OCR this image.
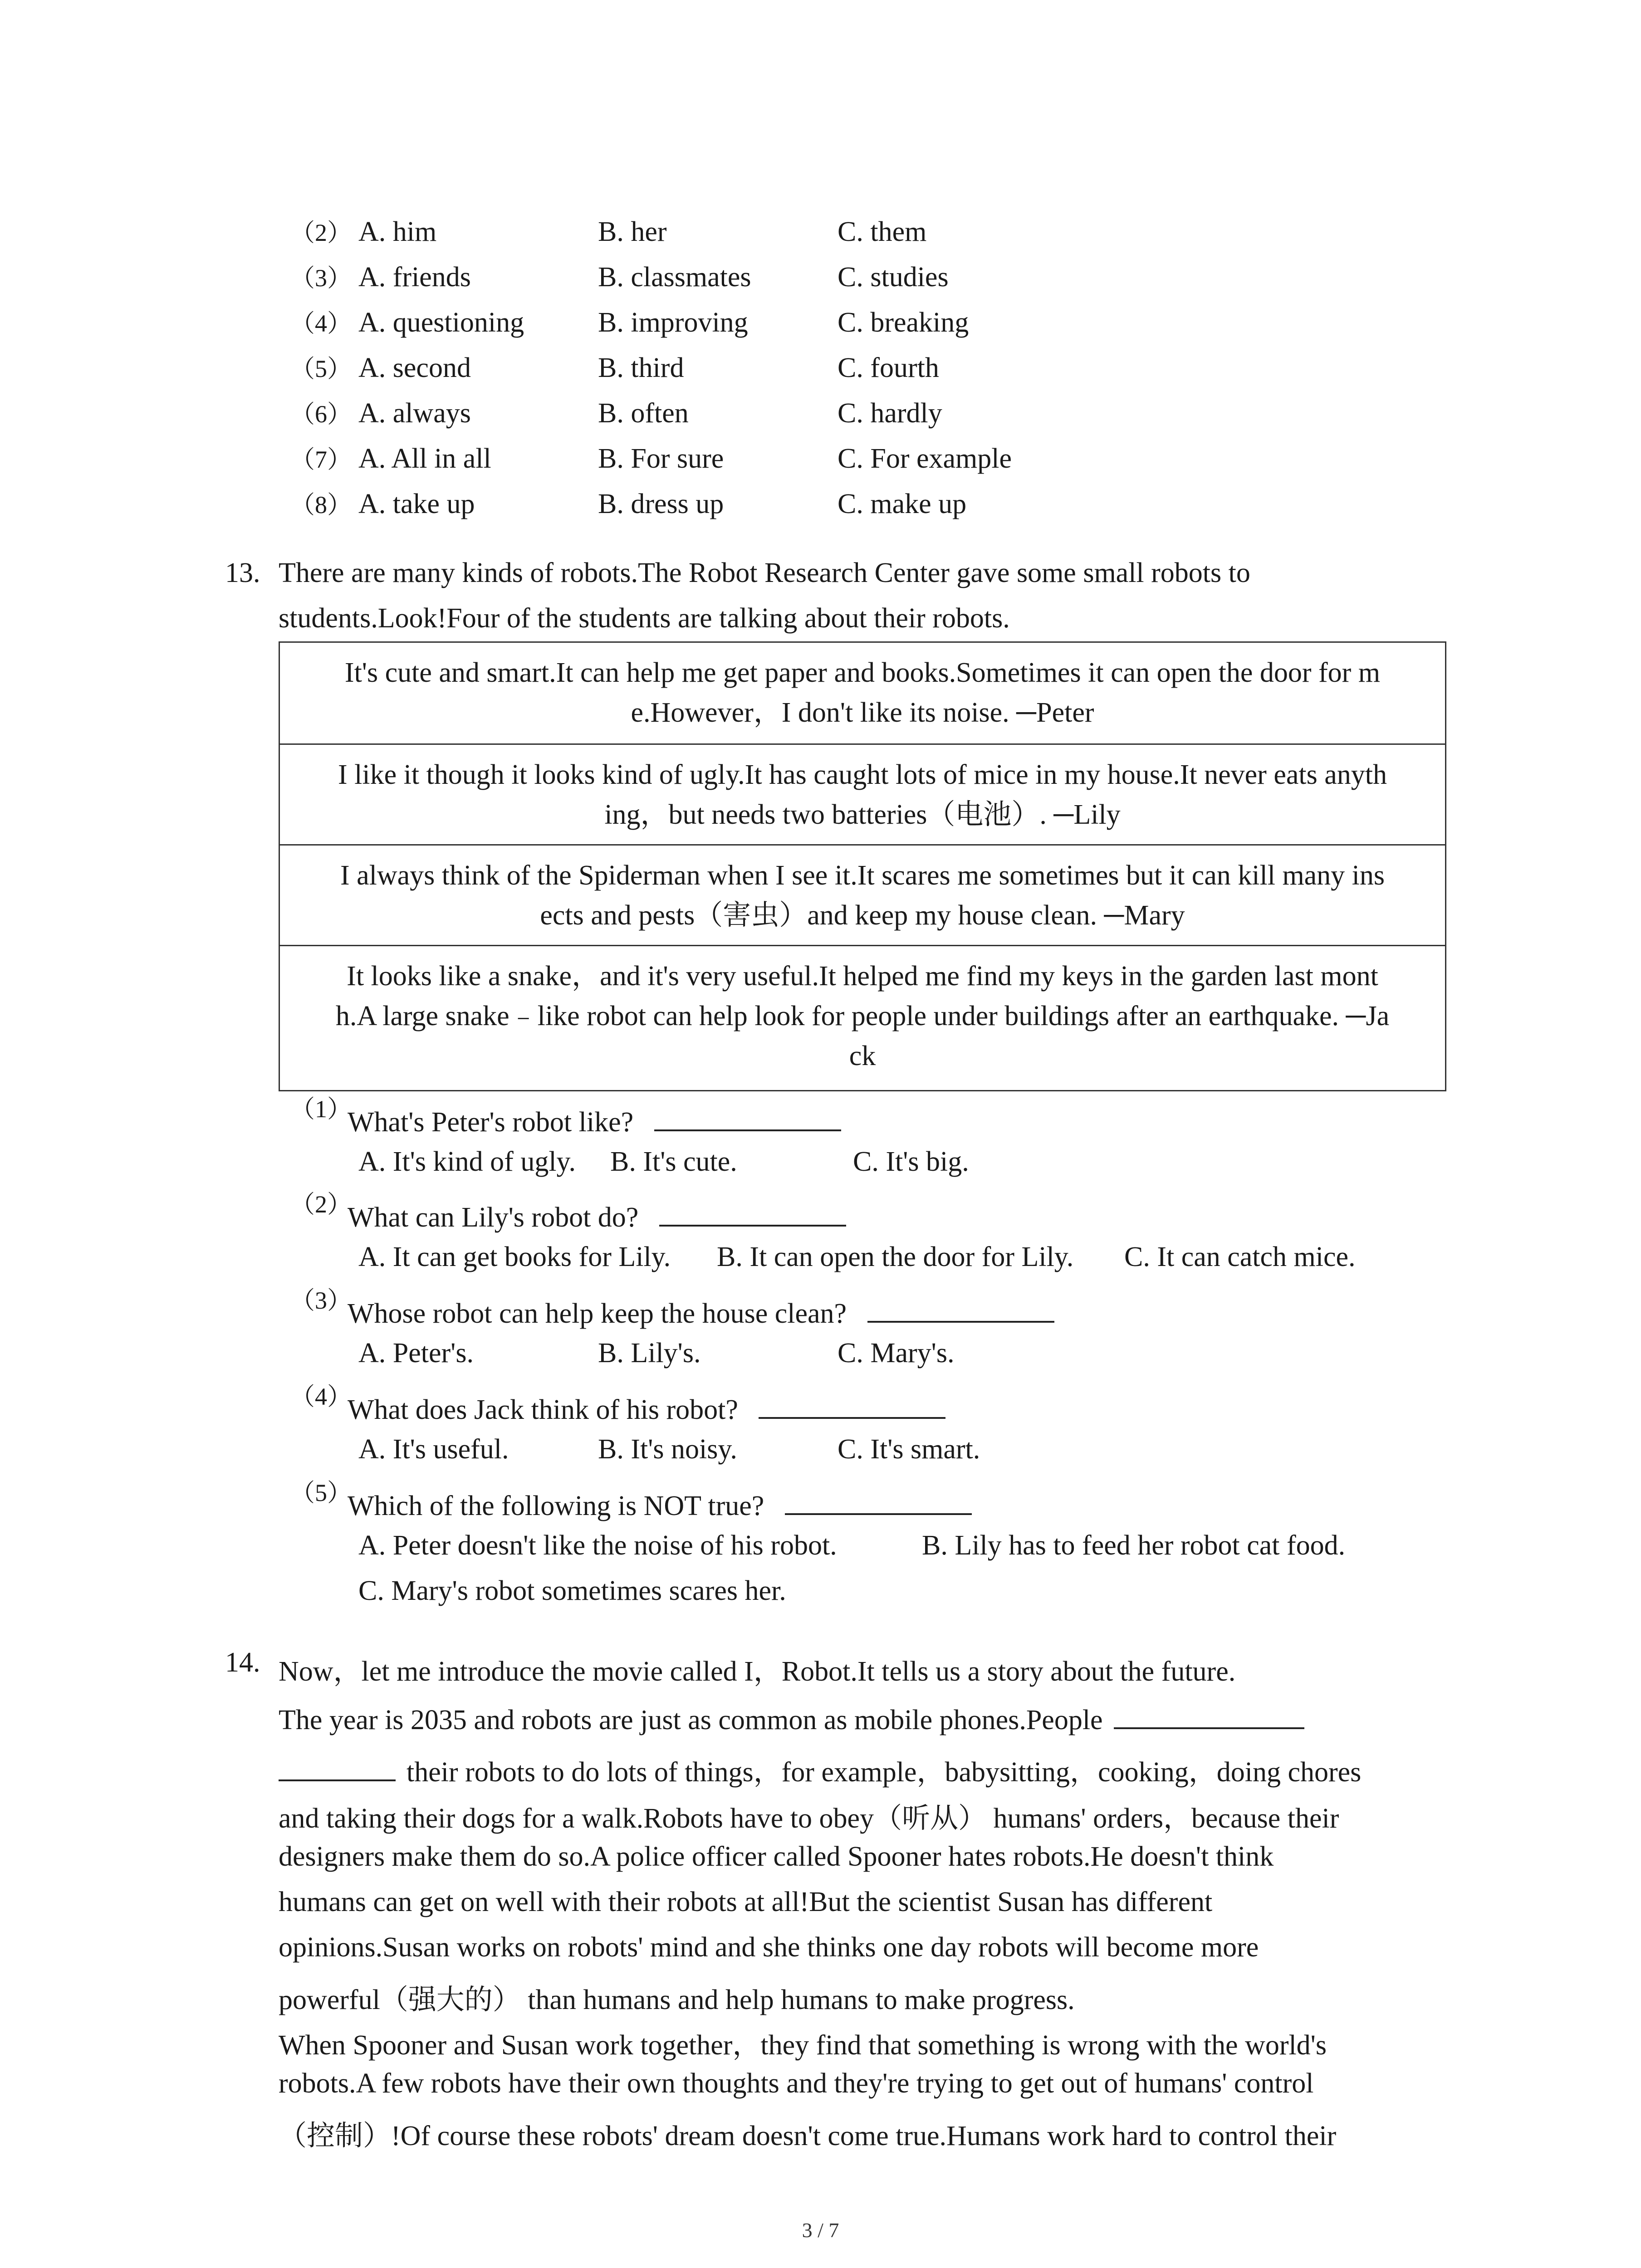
（2） A. him	B. her	C. them
（3） A. friends	B. classmates	C. studies
（4） A. questioning	B. improving	C. breaking
（5） A. second	B. third	C. fourth
（6） A. always	B. often	C. hardly
（7） A. All in all	B. For sure	C. For example
（8） A. take up	B. dress up	C. make up
13. There are many kinds of robots.The Robot Research Center gave some small robots to
students.Look!Four of the students are talking about their robots.
It's cute and smart.It can help me get paper and books.Sometimes it can open the door for m
e.However，I don't like its noise. ─Peter
I like it though it looks kind of ugly.It has caught lots of mice in my house.It never eats anyth
ing，but needs two batteries（电池）. ─Lily
I always think of the Spiderman when I see it.It scares me sometimes but it can kill many ins
ects and pests（害虫）and keep my house clean. ─Mary
It looks like a snake，and it's very useful.It helped me find my keys in the garden last mont
h.A large snake﹣like robot can help look for people under buildings after an earthquake. ─Ja
ck
（1）
What's Peter's robot like?
A. It's kind of ugly. B. It's cute.	C. It's big.
（2）
What can Lily's robot do?
A. It can get books for Lily. B. It can open the door for Lily. C. It can catch mice.
（3）
Whose robot can help keep the house clean?
A. Peter's.	B. Lily's.	C. Mary's.
（4）
What does Jack think of his robot?
A. It's useful.	B. It's noisy.	C. It's smart.
（5）
Which of the following is NOT true?
A. Peter doesn't like the noise of his robot.	B. Lily has to feed her robot cat food.
C. Mary's robot sometimes scares her.
14. Now，let me introduce the movie called I，Robot.It tells us a story about the future.
The year is 2035 and robots are just as common as mobile phones.People
their robots to do lots of things，for example，babysitting，cooking，doing chores
and taking their dogs for a walk.Robots have to obey（听从） humans' orders，because their
designers make them do so.A police officer called Spooner hates robots.He doesn't think
humans can get on well with their robots at all!But the scientist Susan has different
opinions.Susan works on robots' mind and she thinks one day robots will become more
powerful（强大的） than humans and help humans to make progress.
When Spooner and Susan work together，they find that something is wrong with the world's
robots.A few robots have their own thoughts and they're trying to get out of humans' control
（控制）!Of course these robots' dream doesn't come true.Humans work hard to control their
3 / 7
